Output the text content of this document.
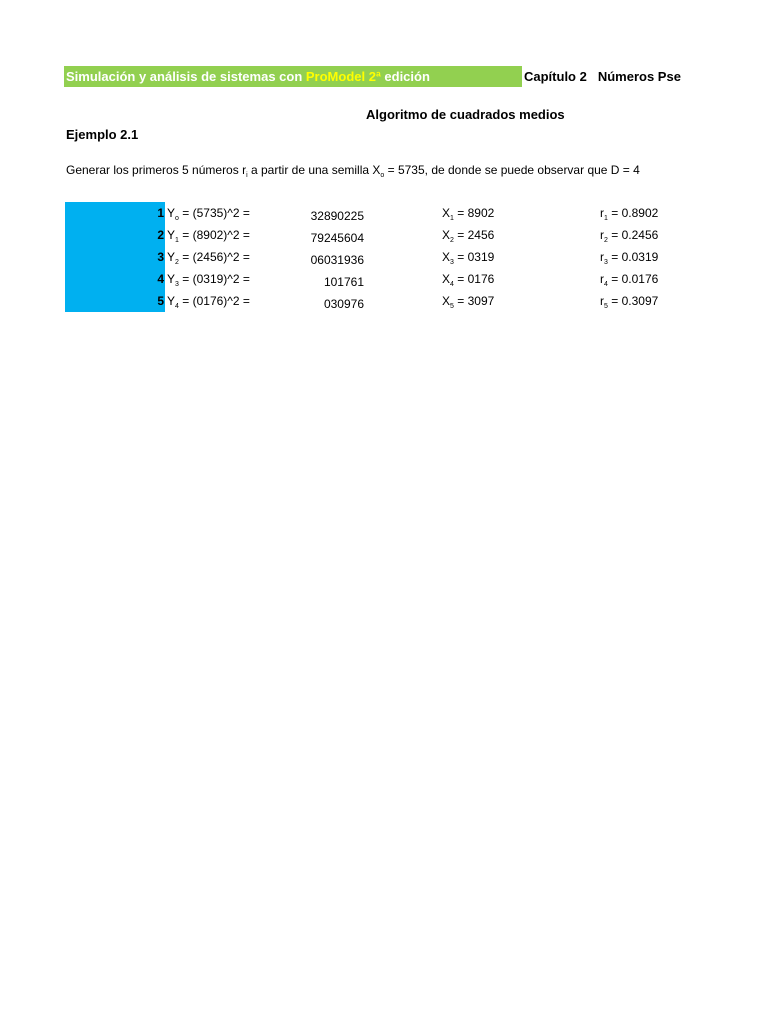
Simulación y análisis de sistemas con ProModel 2ª edición	Capítulo 2 Números Pse
Algoritmo de cuadrados medios
Ejemplo 2.1
Generar los primeros 5 números $r_i$ a partir de una semilla $X_o = 5735$, de donde se puede observar que D = 4
1 $Y_o$ = (5735)^2 =	32890225	$X_1 = 8902$	$r_1 = 0.8902$
2 $Y_1$ = (8902)^2 =	79245604	$X_2 = 2456$	$r_2 = 0.2456$
3 $Y_2$ = (2456)^2 =	06031936	$X_3 = 0319$	$r_3 = 0.0319$
4 $Y_3$ = (0319)^2 =	101761	$X_4 = 0176$	$r_4 = 0.0176$
5 $Y_4$ = (0176)^2 =	030976	$X_5 = 3097$	$r_5 = 0.3097$
